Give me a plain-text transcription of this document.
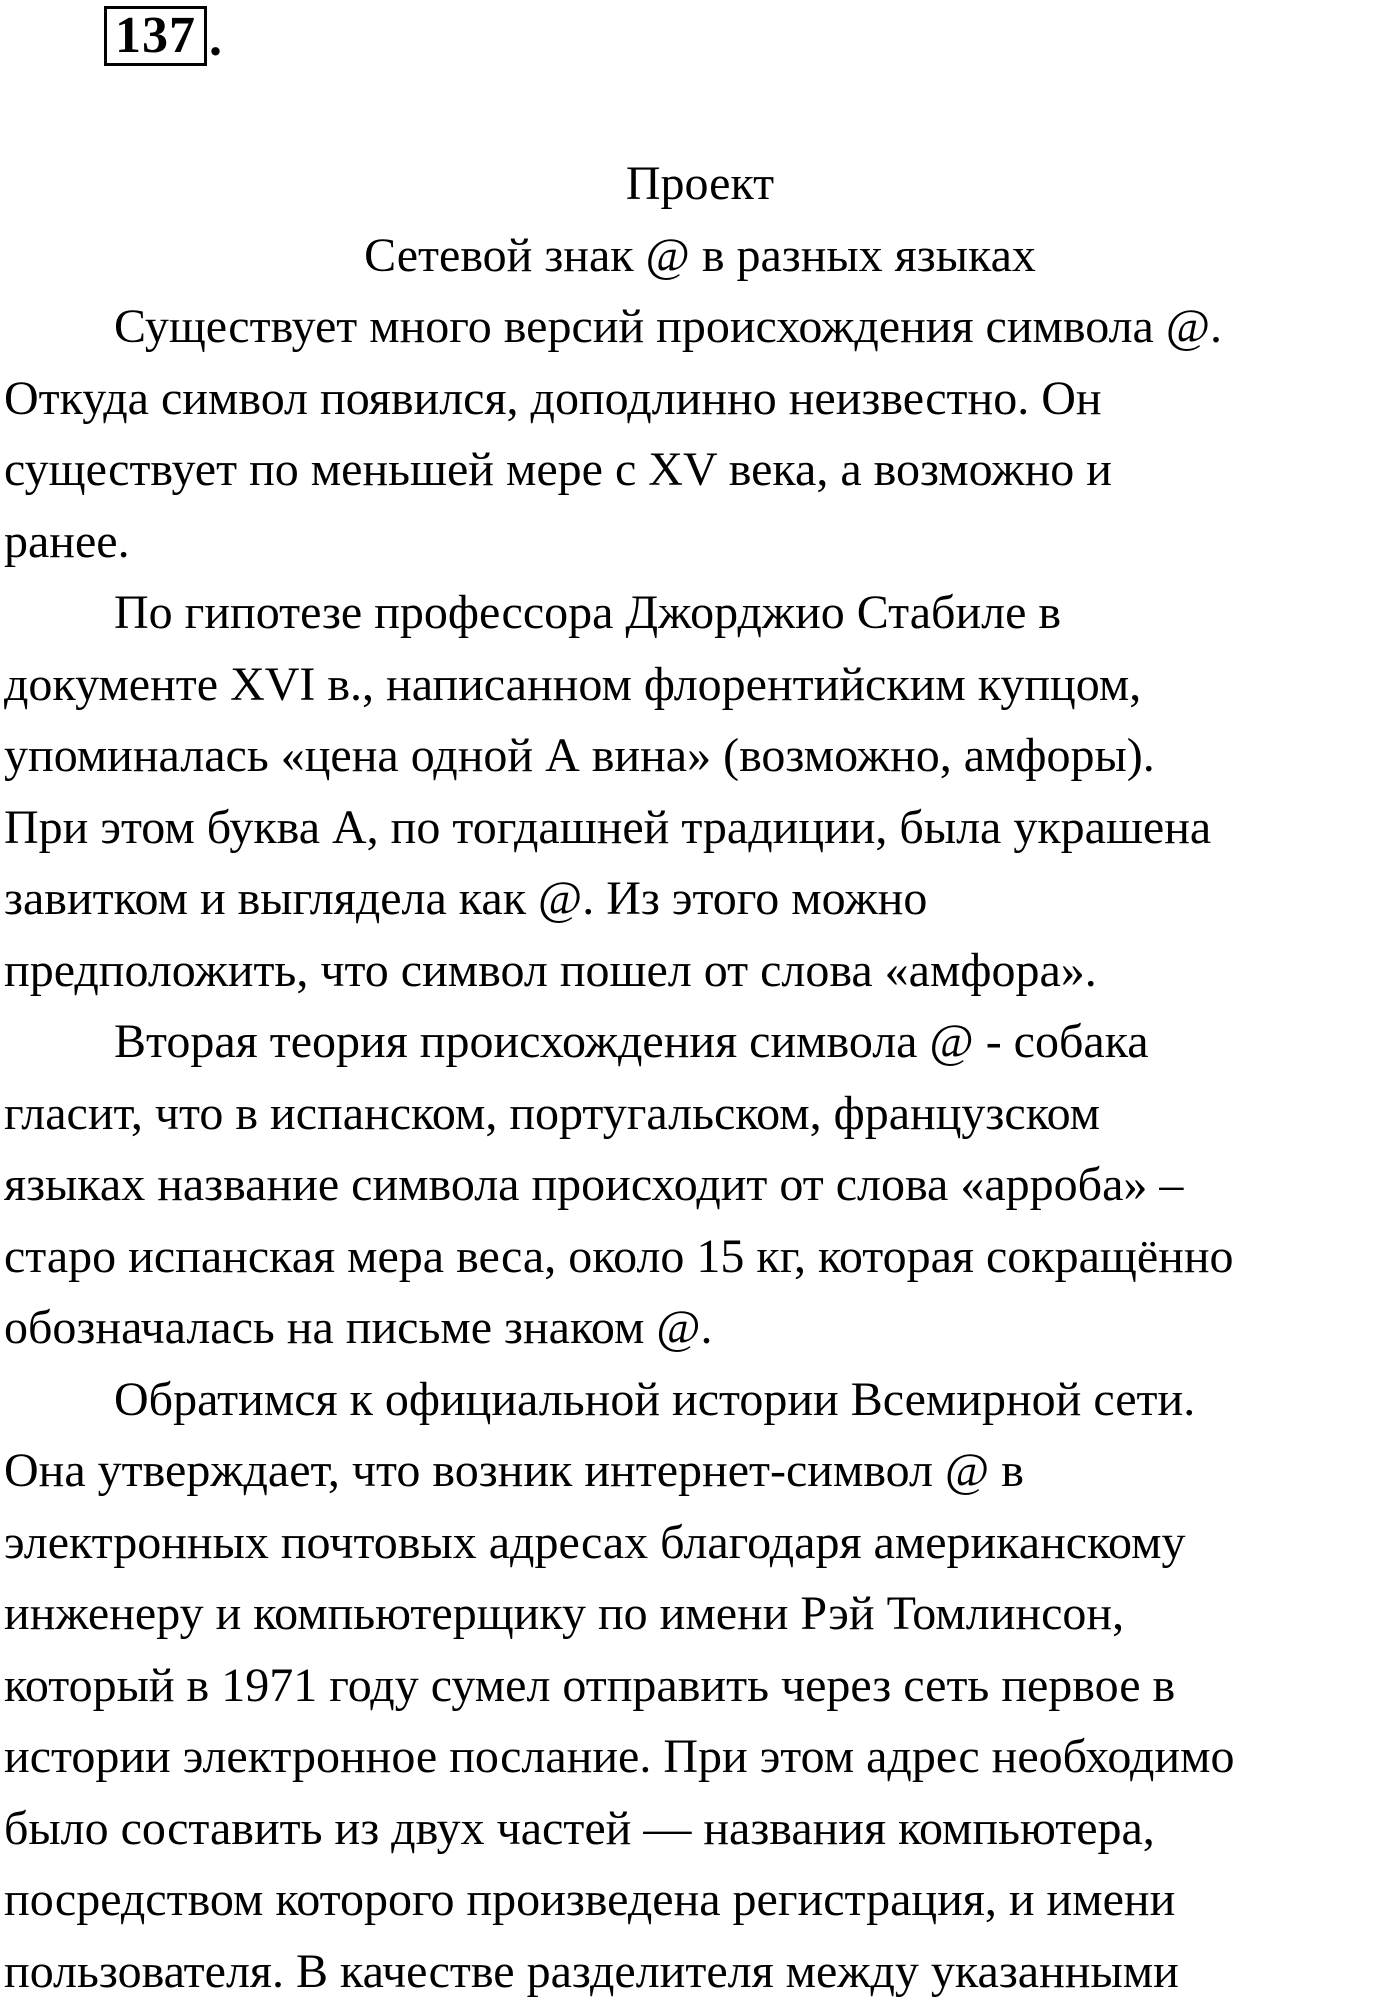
137 .

Проект

Сетевой знак @ в разных языках

Существует много версий происхождения символа @.
Откуда символ появился, доподлинно неизвестно. Он
существует по меньшей мере с XV века, а возможно и
ранее.

По гипотезе профессора Джорджио Стабиле в
документе XVI в., написанном флорентийским купцом,
упоминалась «цена одной А вина» (возможно, амфоры).
При этом буква А, по тогдашней традиции, была украшена
завитком и выглядела как @. Из этого можно
предположить, что символ пошел от слова «амфора».

Вторая теория происхождения символа @ - собака
гласит, что в испанском, португальском, французском
языках название символа происходит от слова «арроба» –
старо испанская мера веса, около 15 кг, которая сокращённо
обозначалась на письме знаком @.

Обратимся к официальной истории Всемирной сети.
Она утверждает, что возник интернет-символ @ в
электронных почтовых адресах благодаря американскому
инженеру и компьютерщику по имени Рэй Томлинсон,
который в 1971 году сумел отправить через сеть первое в
истории электронное послание. При этом адрес необходимо
было составить из двух частей — названия компьютера,
посредством которого произведена регистрация, и имени
пользователя. В качестве разделителя между указанными
